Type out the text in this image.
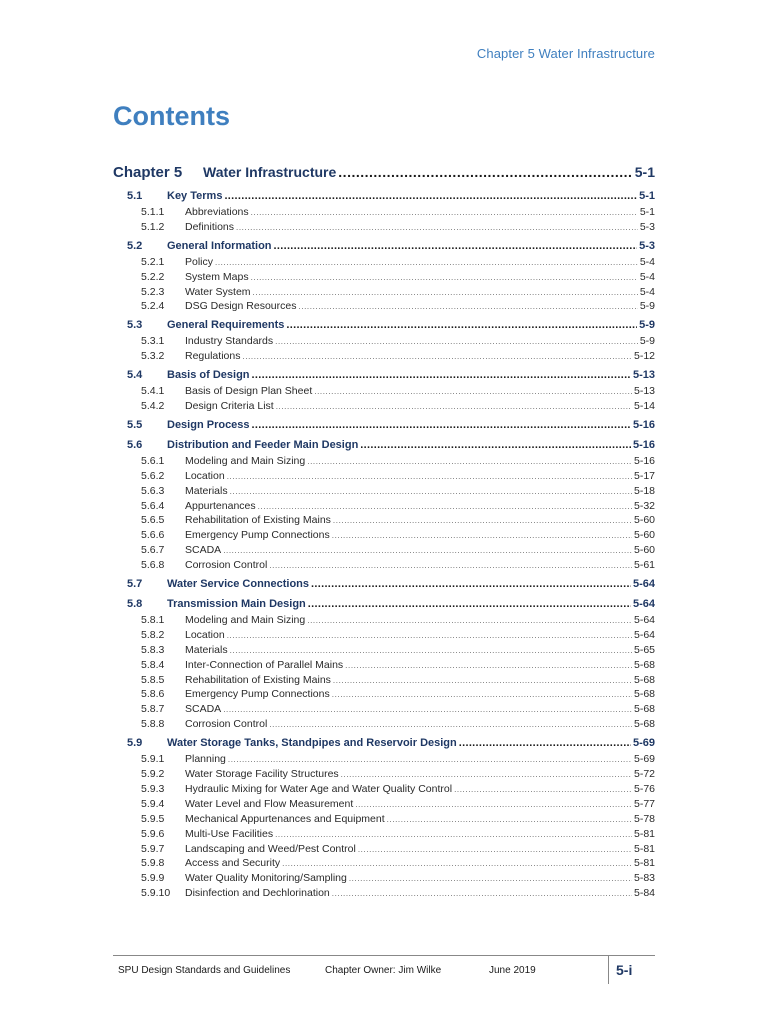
Chapter 5 Water Infrastructure
Contents
Chapter 5	Water Infrastructure .....	5-1
5.1	Key Terms .....	5-1
5.1.1	Abbreviations .....	5-1
5.1.2	Definitions .....	5-3
5.2	General Information .....	5-3
5.2.1	Policy .....	5-4
5.2.2	System Maps .....	5-4
5.2.3	Water System .....	5-4
5.2.4	DSG Design Resources .....	5-9
5.3	General Requirements .....	5-9
5.3.1	Industry Standards .....	5-9
5.3.2	Regulations .....	5-12
5.4	Basis of Design .....	5-13
5.4.1	Basis of Design Plan Sheet .....	5-13
5.4.2	Design Criteria List .....	5-14
5.5	Design Process .....	5-16
5.6	Distribution and Feeder Main Design .....	5-16
5.6.1	Modeling and Main Sizing .....	5-16
5.6.2	Location .....	5-17
5.6.3	Materials .....	5-18
5.6.4	Appurtenances .....	5-32
5.6.5	Rehabilitation of Existing Mains .....	5-60
5.6.6	Emergency Pump Connections .....	5-60
5.6.7	SCADA .....	5-60
5.6.8	Corrosion Control .....	5-61
5.7	Water Service Connections .....	5-64
5.8	Transmission Main Design .....	5-64
5.8.1	Modeling and Main Sizing .....	5-64
5.8.2	Location .....	5-64
5.8.3	Materials .....	5-65
5.8.4	Inter-Connection of Parallel Mains .....	5-68
5.8.5	Rehabilitation of Existing Mains .....	5-68
5.8.6	Emergency Pump Connections .....	5-68
5.8.7	SCADA .....	5-68
5.8.8	Corrosion Control .....	5-68
5.9	Water Storage Tanks, Standpipes and Reservoir Design .....	5-69
5.9.1	Planning .....	5-69
5.9.2	Water Storage Facility Structures .....	5-72
5.9.3	Hydraulic Mixing for Water Age and Water Quality Control .....	5-76
5.9.4	Water Level and Flow Measurement .....	5-77
5.9.5	Mechanical Appurtenances and Equipment .....	5-78
5.9.6	Multi-Use Facilities .....	5-81
5.9.7	Landscaping and Weed/Pest Control .....	5-81
5.9.8	Access and Security .....	5-81
5.9.9	Water Quality Monitoring/Sampling .....	5-83
5.9.10	Disinfection and Dechlorination .....	5-84
SPU Design Standards and Guidelines	Chapter Owner: Jim Wilke	June 2019	5-i
